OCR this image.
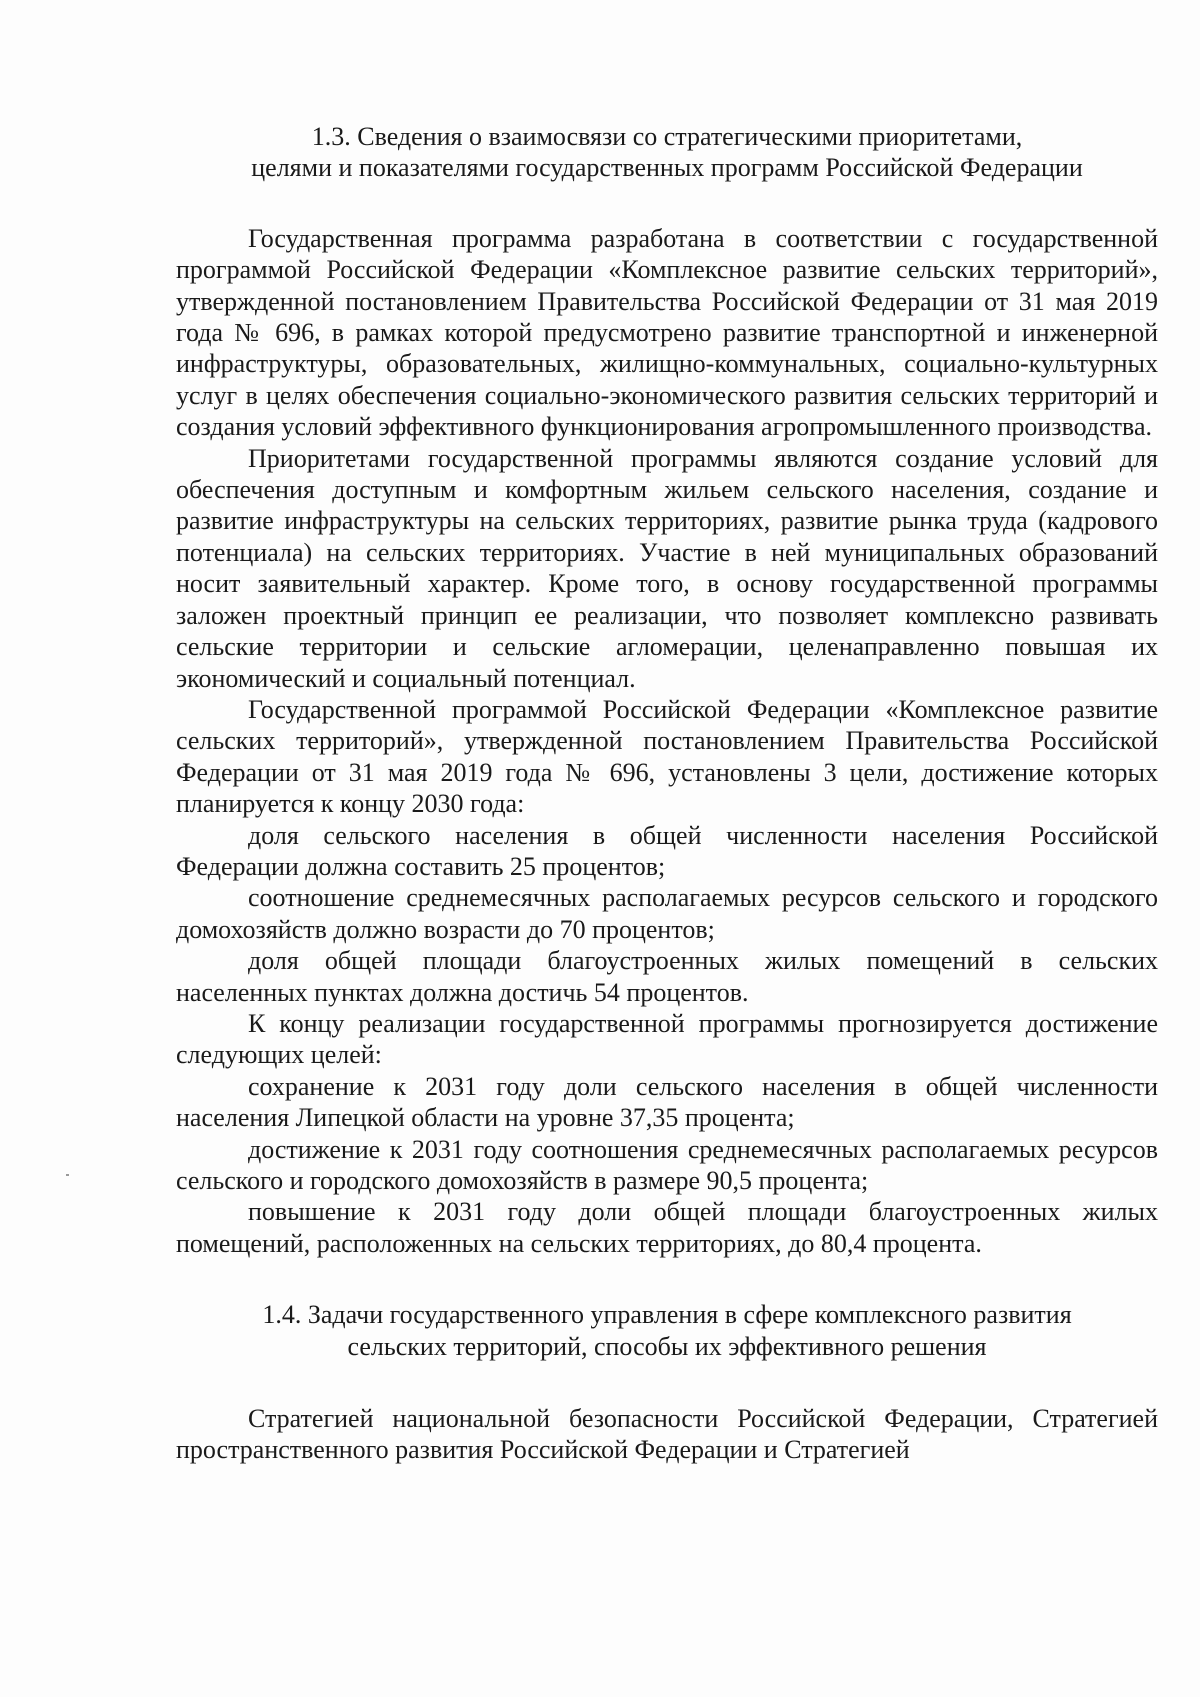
1.3. Сведения о взаимосвязи со стратегическими приоритетами,
целями и показателями государственных программ Российской Федерации

Государственная программа разработана в соответствии с государственной программой Российской Федерации «Комплексное развитие сельских территорий», утвержденной постановлением Правительства Российской Федерации от 31 мая 2019 года № 696, в рамках которой предусмотрено развитие транспортной и инженерной инфраструктуры, образовательных, жилищно-коммунальных, социально-культурных услуг в целях обеспечения социально-экономического развития сельских территорий и создания условий эффективного функционирования агропромышленного производства.

Приоритетами государственной программы являются создание условий для обеспечения доступным и комфортным жильем сельского населения, создание и развитие инфраструктуры на сельских территориях, развитие рынка труда (кадрового потенциала) на сельских территориях. Участие в ней муниципальных образований носит заявительный характер. Кроме того, в основу государственной программы заложен проектный принцип ее реализации, что позволяет комплексно развивать сельские территории и сельские агломерации, целенаправленно повышая их экономический и социальный потенциал.

Государственной программой Российской Федерации «Комплексное развитие сельских территорий», утвержденной постановлением Правительства Российской Федерации от 31 мая 2019 года № 696, установлены 3 цели, достижение которых планируется к концу 2030 года:

доля сельского населения в общей численности населения Российской Федерации должна составить 25 процентов;

соотношение среднемесячных располагаемых ресурсов сельского и городского домохозяйств должно возрасти до 70 процентов;

доля общей площади благоустроенных жилых помещений в сельских населенных пунктах должна достичь 54 процентов.

К концу реализации государственной программы прогнозируется достижение следующих целей:

сохранение к 2031 году доли сельского населения в общей численности населения Липецкой области на уровне 37,35 процента;

достижение к 2031 году соотношения среднемесячных располагаемых ресурсов сельского и городского домохозяйств в размере 90,5 процента;

повышение к 2031 году доли общей площади благоустроенных жилых помещений, расположенных на сельских территориях, до 80,4 процента.

1.4. Задачи государственного управления в сфере комплексного развития
сельских территорий, способы их эффективного решения

Стратегией национальной безопасности Российской Федерации, Стратегией пространственного развития Российской Федерации и Стратегией
